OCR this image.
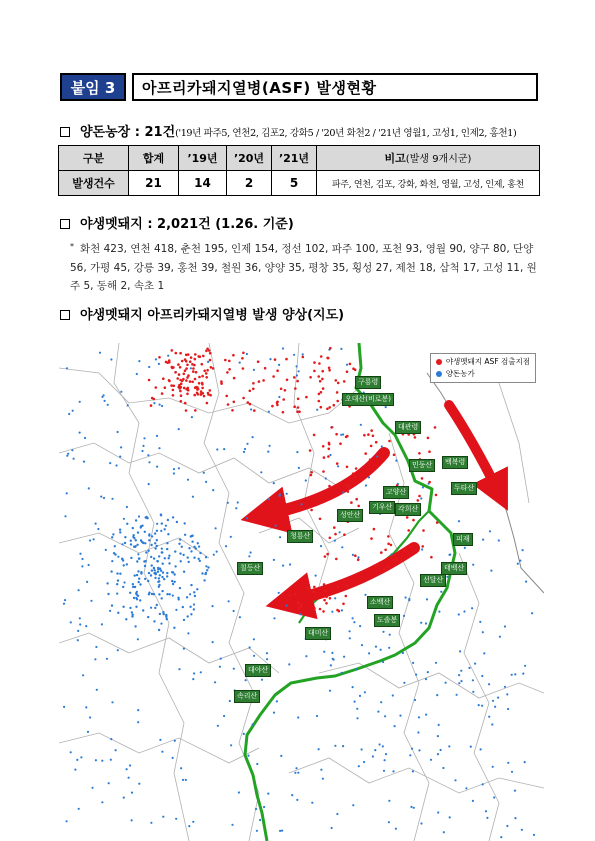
붙임 3	아프리카돼지열병(ASF) 발생현황
양돈농장 : 21건('19년 파주5, 연천2, 김포2, 강화5 / '20년 화천2 / '21년 영월1, 고성1, 인제2, 홍천1)
구분	합계	’19년	’20년	’21년	비고(발생 9개시군)
발생건수	21	14	2	5	파주, 연천, 김포, 강화, 화천, 영월, 고성, 인제, 홍천
야생멧돼지 : 2,021건 (1.26. 기준)
* 화천 423, 연천 418, 춘천 195, 인제 154, 정선 102, 파주 100, 포천 93, 영월 90, 양구 80, 단양 56, 가평 45, 강릉 39, 홍천 39, 철원 36, 양양 35, 평창 35, 횡성 27, 제천 18, 삼척 17, 고성 11, 원주 5, 동해 2, 속초 1
야생멧돼지 아프리카돼지열병 발생 양상(지도)
구룡령
오대산(비로봉)
대관령
백복령
민둥산
두타산
고양산
기우산 각희산
성안산
청룡산	피재
태백산
선달산
소백산
도솔봉
칠등산
대미산
대야산
속리산
야생멧돼지 ASF 검출지점
양돈농가
